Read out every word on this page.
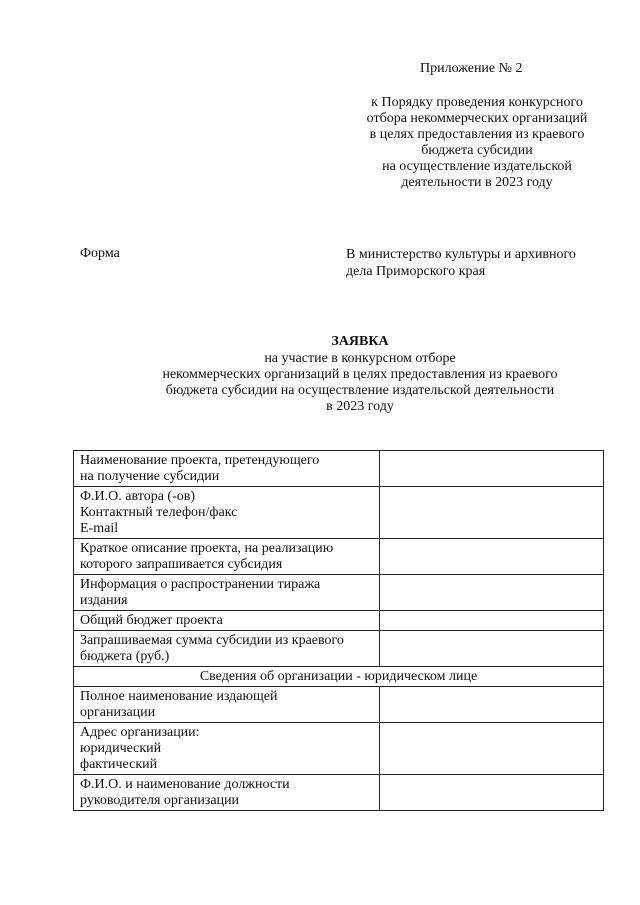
Приложение № 2
к Порядку проведения конкурсного
отбора некоммерческих организаций
в целях предоставления из краевого
бюджета субсидии
на осуществление издательской
деятельности в 2023 году
Форма	В министерство культуры и архивного
дела Приморского края
ЗАЯВКА
на участие в конкурсном отборе
некоммерческих организаций в целях предоставления из краевого
бюджета субсидии на осуществление издательской деятельности
в 2023 году
Наименование проекта, претендующего
на получение субсидии	

Ф.И.О. автора (-ов)
Контактный телефон/факс
E-mail	

Краткое описание проекта, на реализацию
которого запрашивается субсидия	

Информация о распространении тиража
издания	

Общий бюджет проекта	

Запрашиваемая сумма субсидии из краевого
бюджета (руб.)	

Сведения об организации - юридическом лице	

Полное наименование издающей
организации	

Адрес организации:
юридический
фактический	

Ф.И.О. и наименование должности
руководителя организации	
